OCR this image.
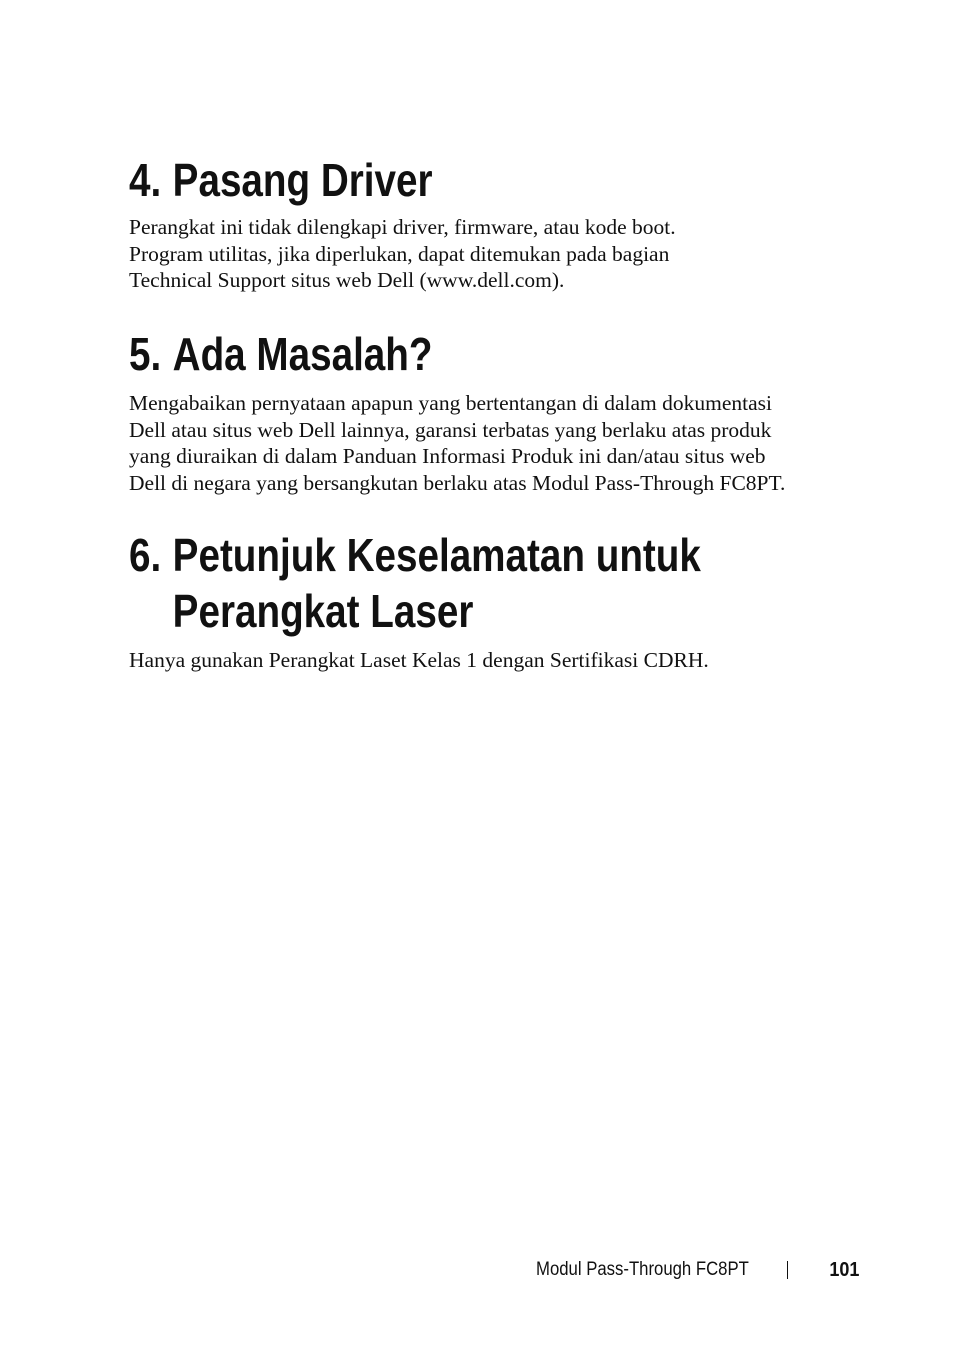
4. Pasang Driver

Perangkat ini tidak dilengkapi driver, firmware, atau kode boot.
Program utilitas, jika diperlukan, dapat ditemukan pada bagian
Technical Support situs web Dell (www.dell.com).

5. Ada Masalah?

Mengabaikan pernyataan apapun yang bertentangan di dalam dokumentasi
Dell atau situs web Dell lainnya, garansi terbatas yang berlaku atas produk
yang diuraikan di dalam Panduan Informasi Produk ini dan/atau situs web
Dell di negara yang bersangkutan berlaku atas Modul Pass-Through FC8PT.

6. Petunjuk Keselamatan untuk
Perangkat Laser

Hanya gunakan Perangkat Laset Kelas 1 dengan Sertifikasi CDRH.

Modul Pass-Through FC8PT	101
